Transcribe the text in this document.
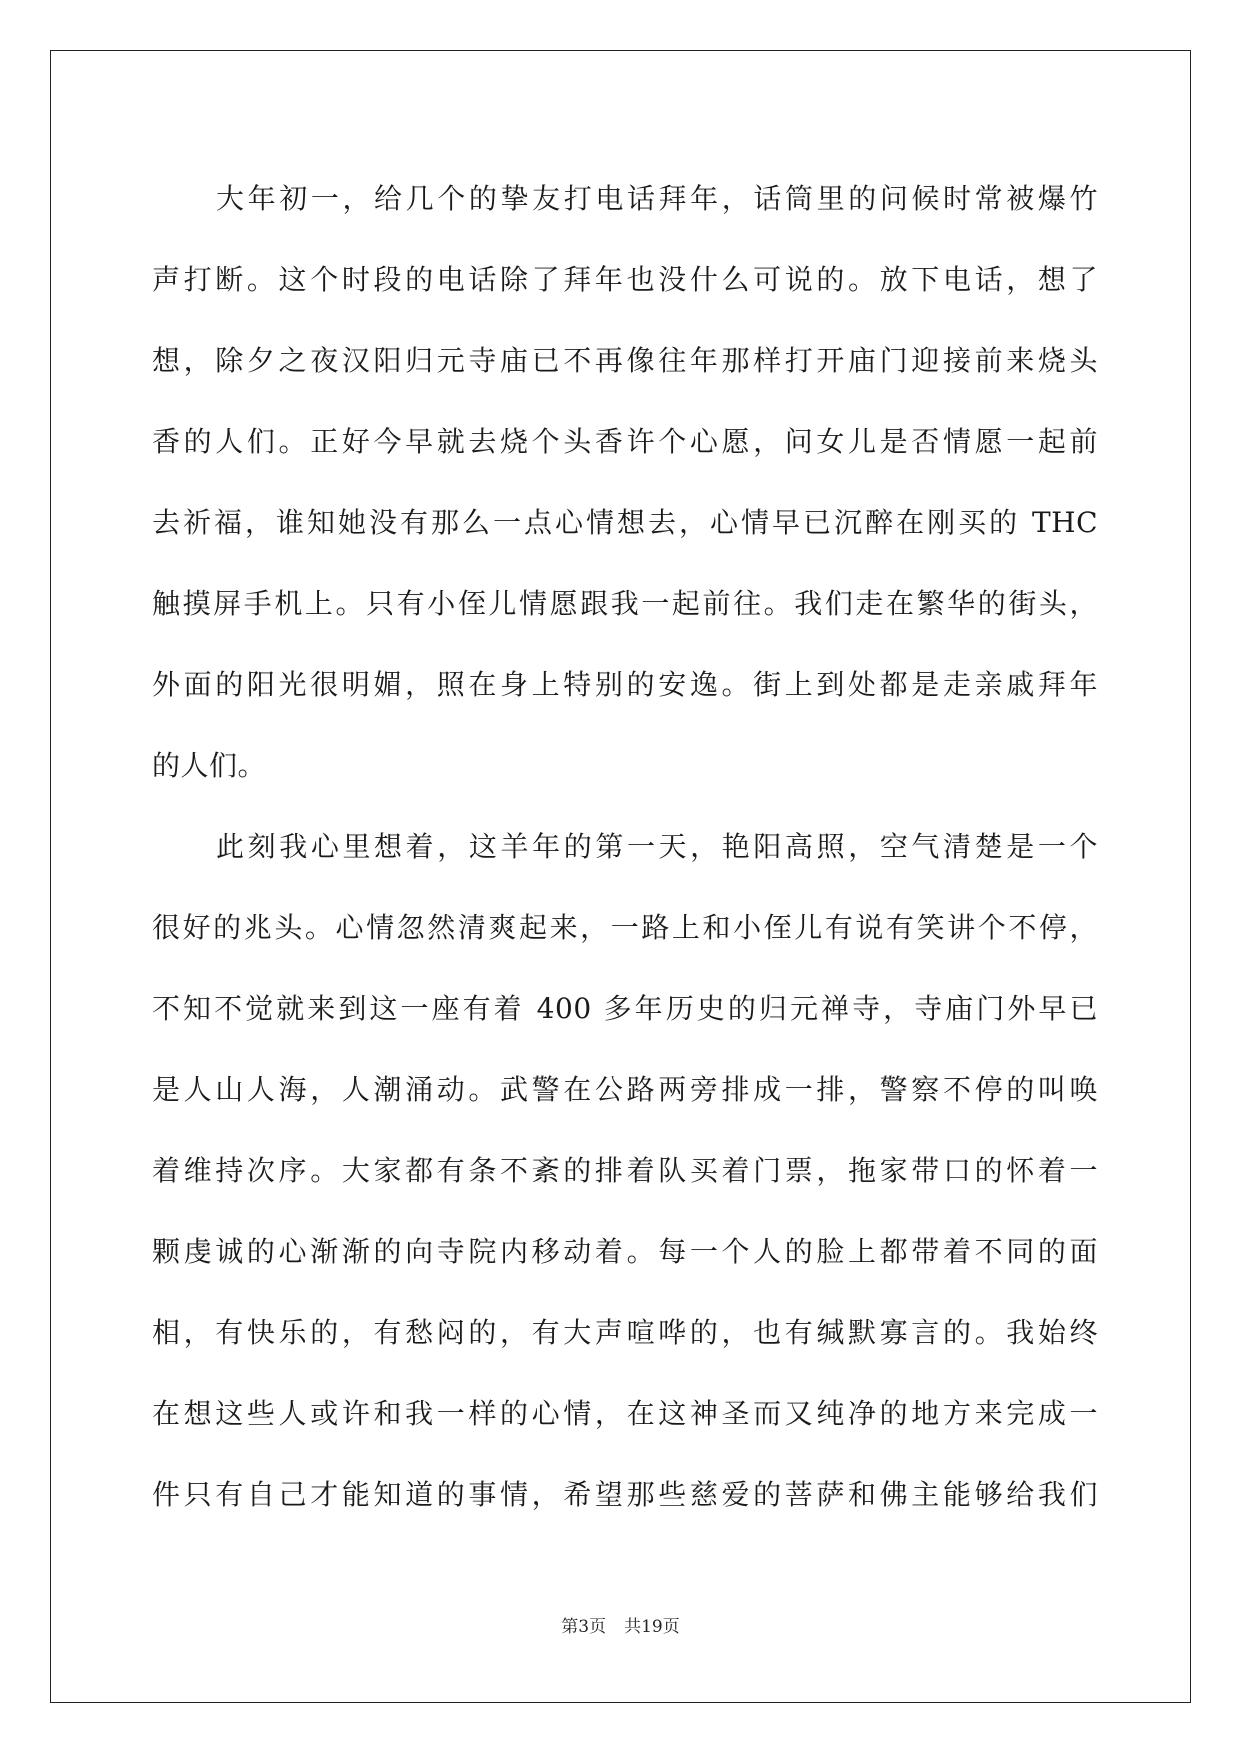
大年初一，给几个的挚友打电话拜年，话筒里的问候时常被爆竹
声打断。这个时段的电话除了拜年也没什么可说的。放下电话，想了
想，除夕之夜汉阳归元寺庙已不再像往年那样打开庙门迎接前来烧头
香的人们。正好今早就去烧个头香许个心愿，问女儿是否情愿一起前
去祈福，谁知她没有那么一点心情想去，心情早已沉醉在刚买的 THC
触摸屏手机上。只有小侄儿情愿跟我一起前往。我们走在繁华的街头，
外面的阳光很明媚，照在身上特别的安逸。街上到处都是走亲戚拜年
的人们。
此刻我心里想着，这羊年的第一天，艳阳高照，空气清楚是一个
很好的兆头。心情忽然清爽起来，一路上和小侄儿有说有笑讲个不停，
不知不觉就来到这一座有着 400 多年历史的归元禅寺，寺庙门外早已
是人山人海，人潮涌动。武警在公路两旁排成一排，警察不停的叫唤
着维持次序。大家都有条不紊的排着队买着门票，拖家带口的怀着一
颗虔诚的心渐渐的向寺院内移动着。每一个人的脸上都带着不同的面
相，有快乐的，有愁闷的，有大声喧哗的，也有缄默寡言的。我始终
在想这些人或许和我一样的心情，在这神圣而又纯净的地方来完成一
件只有自己才能知道的事情，希望那些慈爱的菩萨和佛主能够给我们
第3页 共19页
